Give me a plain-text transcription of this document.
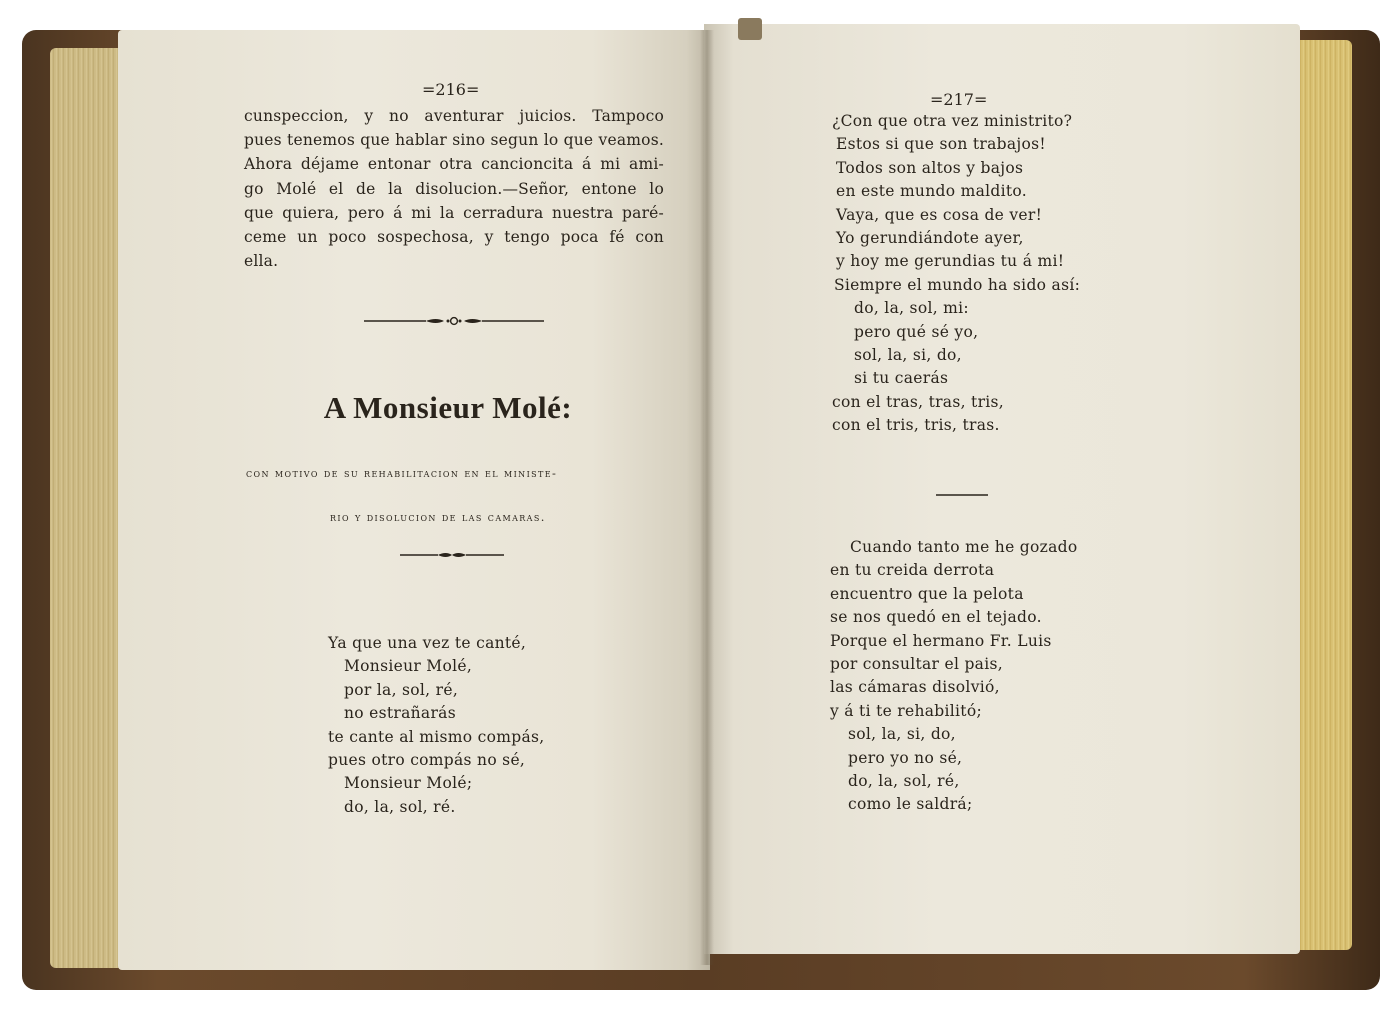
=216=
cunspeccion, y no aventurar juicios. Tampoco
pues tenemos que hablar sino segun lo que veamos.
Ahora déjame entonar otra cancioncita á mi ami-
go Molé el de la disolucion.—Señor, entone lo
que quiera, pero á mi la cerradura nuestra paré-
ceme un poco sospechosa, y tengo poca fé con
ella.
A Monsieur Molé:
con motivo de su rehabilitacion en el ministe-
rio y disolucion de las camaras.
Ya que una vez te canté,
Monsieur Molé,
por la, sol, ré,
no estrañarás
te cante al mismo compás,
pues otro compás no sé,
Monsieur Molé;
do, la, sol, ré.
=217=
¿Con que otra vez ministrito?
Estos si que son trabajos!
Todos son altos y bajos
en este mundo maldito.
Vaya, que es cosa de ver!
Yo gerundiándote ayer,
y hoy me gerundias tu á mi!
Siempre el mundo ha sido así:
do, la, sol, mi:
pero qué sé yo,
sol, la, si, do,
si tu caerás
con el tras, tras, tris,
con el tris, tris, tras.
Cuando tanto me he gozado
en tu creida derrota
encuentro que la pelota
se nos quedó en el tejado.
Porque el hermano Fr. Luis
por consultar el pais,
las cámaras disolvió,
y á ti te rehabilitó;
sol, la, si, do,
pero yo no sé,
do, la, sol, ré,
como le saldrá;
